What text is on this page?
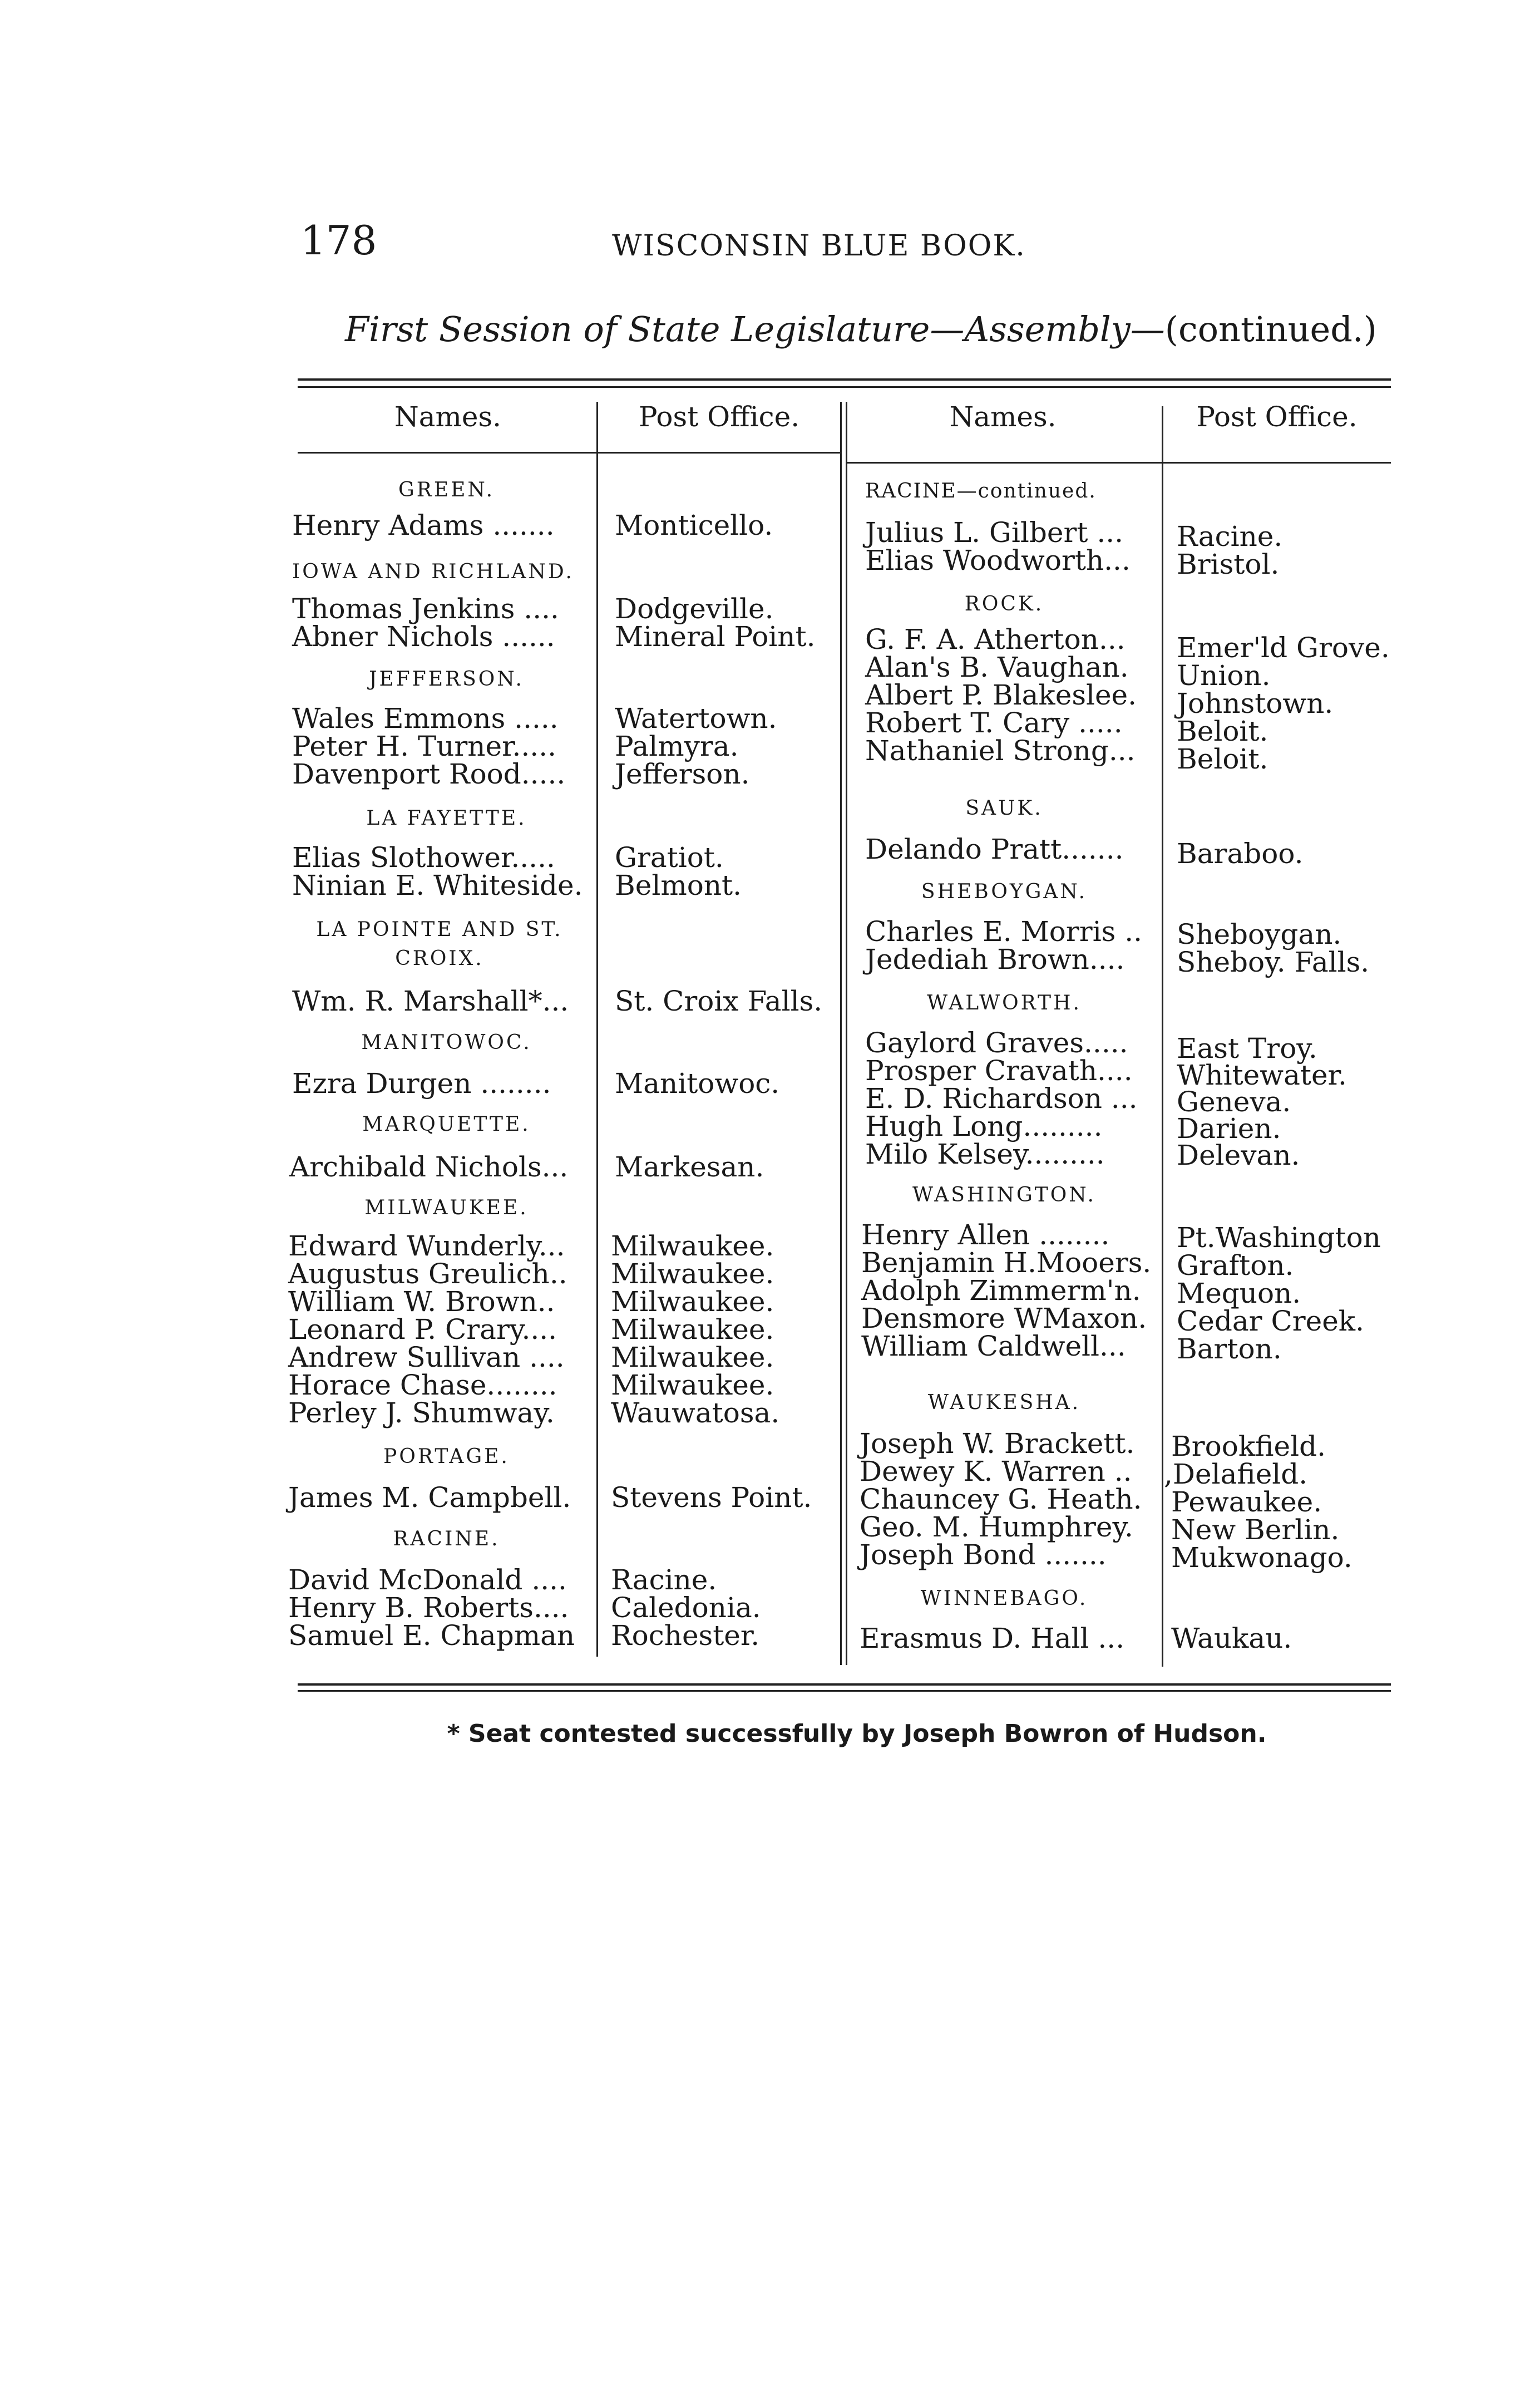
178	WISCONSIN BLUE BOOK.
First Session of State Legislature—Assembly—(continued.)
Names.	Post Office.	Names.	Post Office.
GREEN.
Henry Adams ....... Monticello.
IOWA AND RICHLAND.
Thomas Jenkins .... Dodgeville.
Abner Nichols ...... Mineral Point.
JEFFERSON.
Wales Emmons ..... Watertown.
Peter H. Turner..... Palmyra.
Davenport Rood..... Jefferson.
LA FAYETTE.
Elias Slothower..... Gratiot.
Ninian E. Whiteside. Belmont.
LA POINTE AND ST. CROIX.
Wm. R. Marshall*... St. Croix Falls.
MANITOWOC.
Ezra Durgen ........ Manitowoc.
MARQUETTE.
Archibald Nichols... Markesan.
MILWAUKEE.
Edward Wunderly... Milwaukee.
Augustus Greulich.. Milwaukee.
William W. Brown.. Milwaukee.
Leonard P. Crary.... Milwaukee.
Andrew Sullivan .... Milwaukee.
Horace Chase........ Milwaukee.
Perley J. Shumway. Wauwatosa.
PORTAGE.
James M. Campbell. Stevens Point.
RACINE.
David McDonald .... Racine.
Henry B. Roberts.... Caledonia.
Samuel E. Chapman Rochester.
RACINE—continued.
Julius L. Gilbert ... Racine.
Elias Woodworth... Bristol.
ROCK.
G. F. A. Atherton... Emer'ld Grove.
Alan's B. Vaughan. Union.
Albert P. Blakeslee. Johnstown.
Robert T. Cary ..... Beloit.
Nathaniel Strong... Beloit.
SAUK.
Delando Pratt....... Baraboo.
SHEBOYGAN.
Charles E. Morris .. Sheboygan.
Jedediah Brown.... Sheboy. Falls.
WALWORTH.
Gaylord Graves..... East Troy.
Prosper Cravath.... Whitewater.
E. D. Richardson ... Geneva.
Hugh Long.........	Darien.
Milo Kelsey.........	Delevan.
WASHINGTON.
Henry Allen ........ Pt.Washington
Benjamin H.Mooers. Grafton.
Adolph Zimmerm'n. Mequon.
Densmore WMaxon. Cedar Creek.
William Caldwell... Barton.
WAUKESHA.
Joseph W. Brackett. Brookfield.
Dewey K. Warren .. ,Delafield.
Chauncey G. Heath. Pewaukee.
Geo. M. Humphrey. New Berlin.
Joseph Bond ....... Mukwonago.
WINNEBAGO.
Erasmus D. Hall ... Waukau.
* Seat contested successfully by Joseph Bowron of Hudson.
